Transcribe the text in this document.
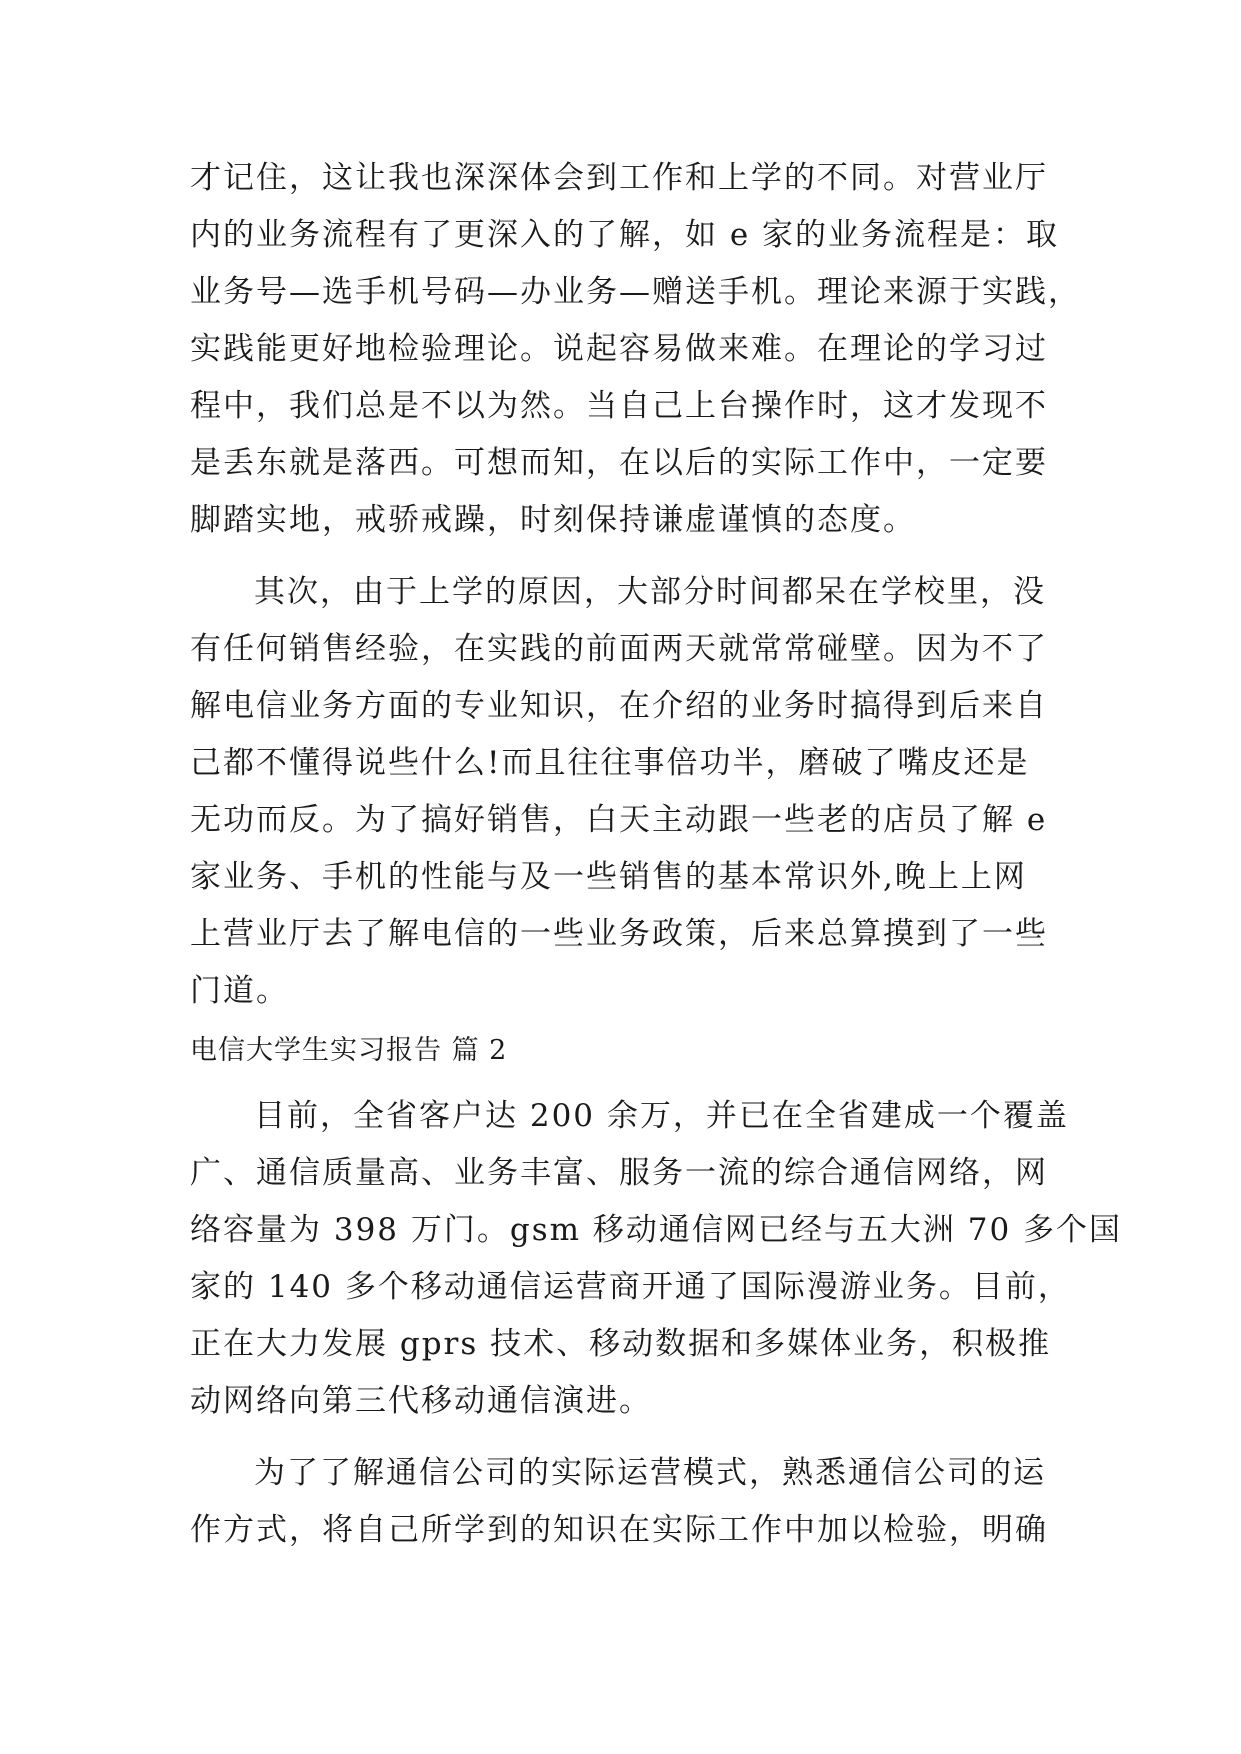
才记住，这让我也深深体会到工作和上学的不同。对营业厅
内的业务流程有了更深入的了解，如 e 家的业务流程是：取
业务号—选手机号码—办业务—赠送手机。理论来源于实践，
实践能更好地检验理论。说起容易做来难。在理论的学习过
程中，我们总是不以为然。当自己上台操作时，这才发现不
是丢东就是落西。可想而知，在以后的实际工作中，一定要
脚踏实地，戒骄戒躁，时刻保持谦虚谨慎的态度。
其次，由于上学的原因，大部分时间都呆在学校里，没
有任何销售经验，在实践的前面两天就常常碰壁。因为不了
解电信业务方面的专业知识，在介绍的业务时搞得到后来自
己都不懂得说些什么!而且往往事倍功半，磨破了嘴皮还是
无功而反。为了搞好销售，白天主动跟一些老的店员了解 e
家业务、手机的性能与及一些销售的基本常识外,晚上上网
上营业厅去了解电信的一些业务政策，后来总算摸到了一些
门道。
电信大学生实习报告 篇 2
目前，全省客户达 200 余万，并已在全省建成一个覆盖
广、通信质量高、业务丰富、服务一流的综合通信网络，网
络容量为 398 万门。gsm 移动通信网已经与五大洲 70 多个国
家的 140 多个移动通信运营商开通了国际漫游业务。目前，
正在大力发展 gprs 技术、移动数据和多媒体业务，积极推
动网络向第三代移动通信演进。
为了了解通信公司的实际运营模式，熟悉通信公司的运
作方式，将自己所学到的知识在实际工作中加以检验，明确
